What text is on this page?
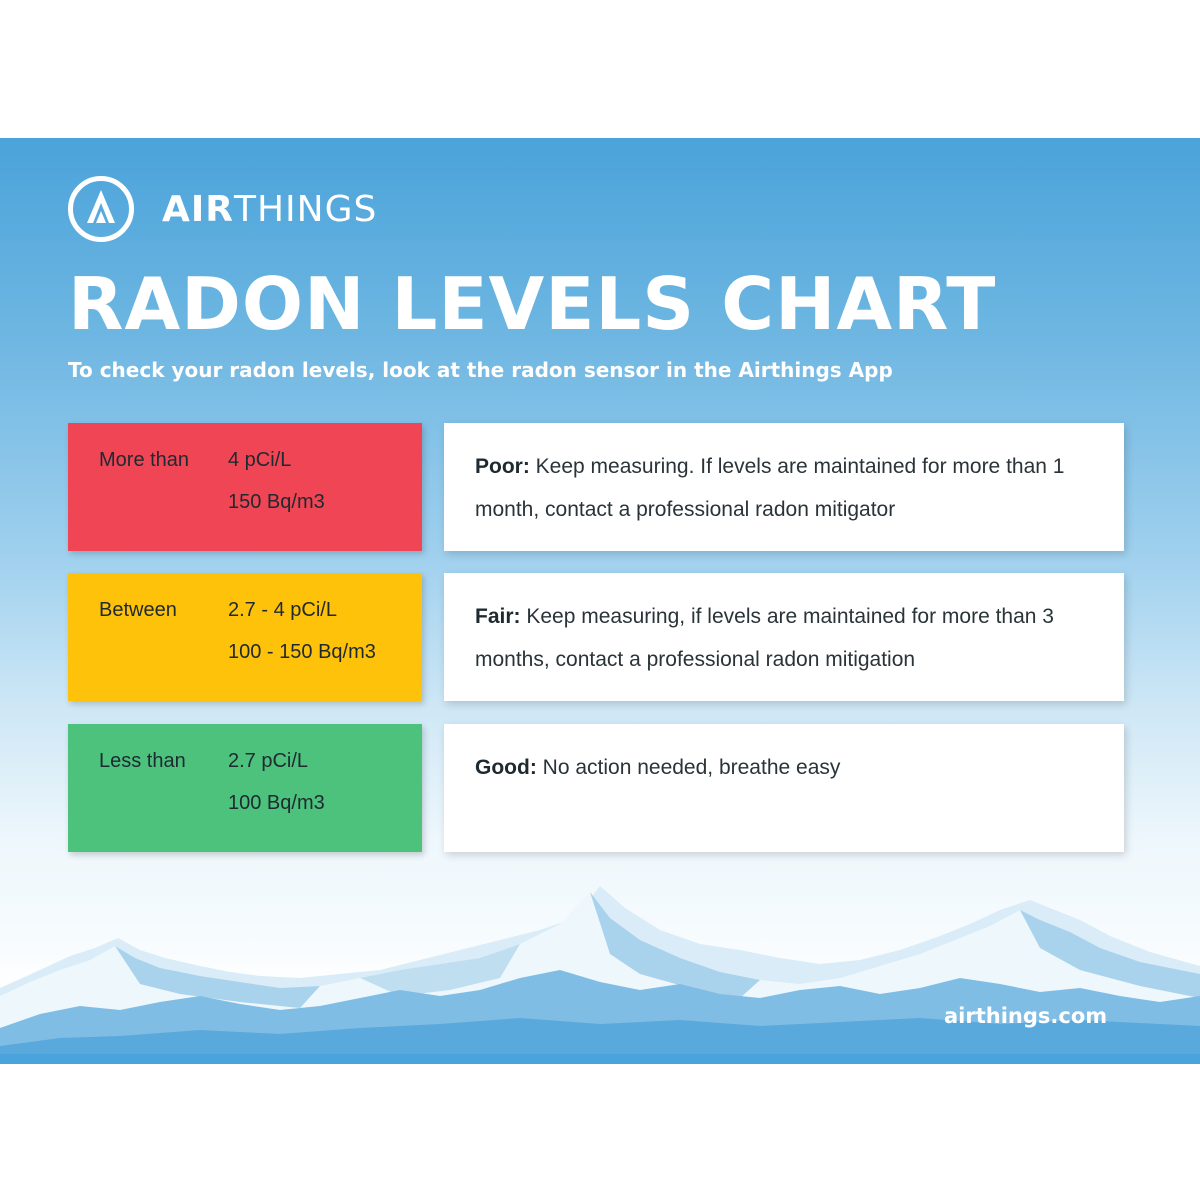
AIRTHINGS
RADON LEVELS CHART
To check your radon levels, look at the radon sensor in the Airthings App
More than 4 pCi/L
150 Bq/m3
Poor: Keep measuring. If levels are maintained for more than 1 month, contact a professional radon mitigator
Between	2.7 - 4 pCi/L
100 - 150 Bq/m3
Fair: Keep measuring, if levels are maintained for more than 3 months, contact a professional radon mitigation
Less than 2.7 pCi/L
100 Bq/m3
Good: No action needed, breathe easy
airthings.com
